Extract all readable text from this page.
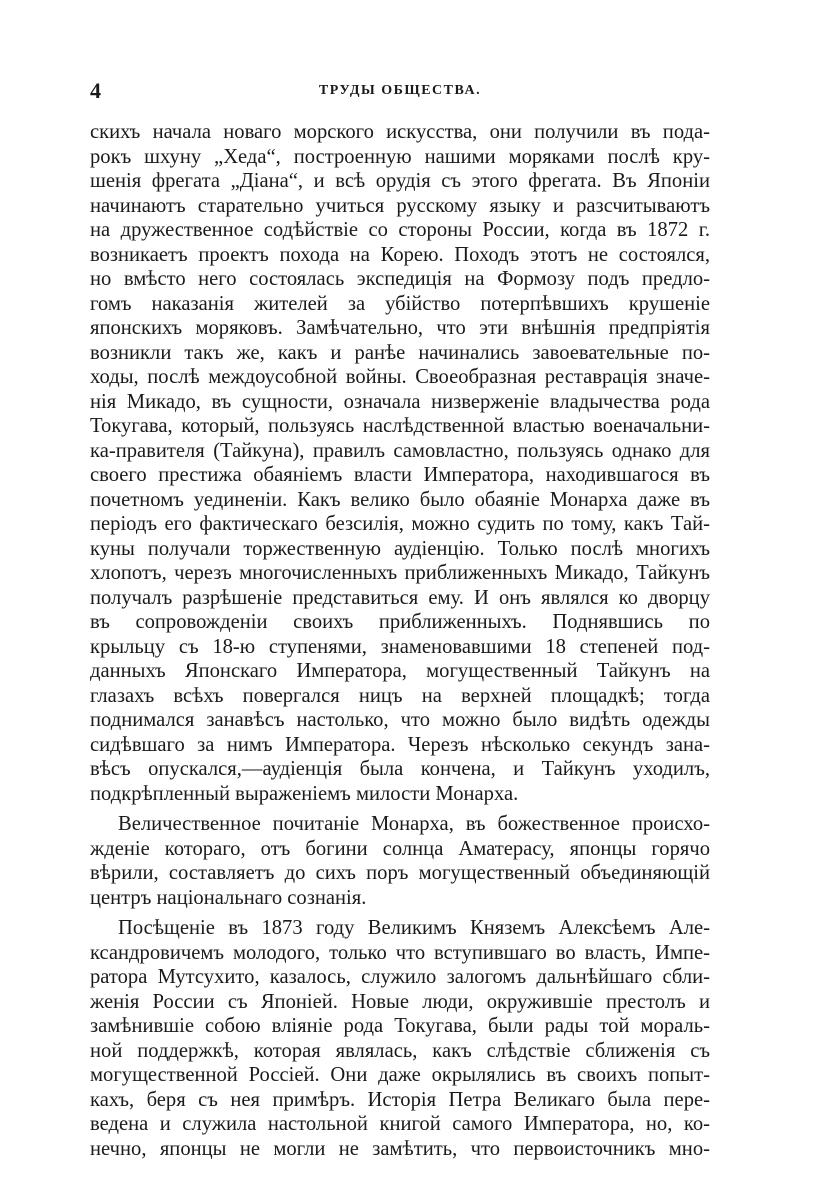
4	ТРУДЫ ОБЩЕСТВА.
скихъ начала новаго морского искусства, они получили въ пода-
рокъ шхуну „Хеда“, построенную нашими моряками послѣ кру-
шенія фрегата „Діана“, и всѣ орудія съ этого фрегата. Въ Японіи
начинаютъ старательно учиться русскому языку и разсчитываютъ
на дружественное содѣйствіе со стороны России, когда въ 1872 г.
возникаетъ проектъ похода на Корею. Походъ этотъ не состоялся,
но вмѣсто него состоялась экспедиція на Формозу подъ предло-
гомъ наказанія жителей за убійство потерпѣвшихъ крушеніе
японскихъ моряковъ. Замѣчательно, что эти внѣшнія предпріятія
возникли такъ же, какъ и ранѣе начинались завоевательные по-
ходы, послѣ междоусобной войны. Своеобразная реставрація значе-
нія Микадо, въ сущности, означала низверженіе владычества рода
Токугава, который, пользуясь наслѣдственной властью военачальни-
ка-правителя (Тайкуна), правилъ самовластно, пользуясь однако для
своего престижа обаяніемъ власти Императора, находившагося въ
почетномъ уединеніи. Какъ велико было обаяніе Монарха даже въ
періодъ его фактическаго безсилія, можно судить по тому, какъ Тай-
куны получали торжественную аудіенцію. Только послѣ многихъ
хлопотъ, черезъ многочисленныхъ приближенныхъ Микадо, Тайкунъ
получалъ разрѣшеніе представиться ему. И онъ являлся ко дворцу
въ сопровожденіи своихъ приближенныхъ. Поднявшись по
крыльцу съ 18-ю ступенями, знаменовавшими 18 степеней под-
данныхъ Японскаго Императора, могущественный Тайкунъ на
глазахъ всѣхъ повергался ницъ на верхней площадкѣ; тогда
поднимался занавѣсъ настолько, что можно было видѣть одежды
сидѣвшаго за нимъ Императора. Черезъ нѣсколько секундъ зана-
вѣсъ опускался,—аудіенція была кончена, и Тайкунъ уходилъ,
подкрѣпленный выраженіемъ милости Монарха.
Величественное почитаніе Монарха, въ божественное происхо-
жденіе котораго, отъ богини солнца Аматерасу, японцы горячо
вѣрили, составляетъ до сихъ поръ могущественный объединяющій
центръ національнаго сознанія.
Посѣщеніе въ 1873 году Великимъ Княземъ Алексѣемъ Але-
ксандровичемъ молодого, только что вступившаго во власть, Импе-
ратора Мутсухито, казалось, служило залогомъ дальнѣйшаго сбли-
женія России съ Японіей. Новые люди, окружившіе престолъ и
замѣнившіе собою вліяніе рода Токугава, были рады той мораль-
ной поддержкѣ, которая являлась, какъ слѣдствіе сближенія съ
могущественной Россіей. Они даже окрылялись въ своихъ попыт-
кахъ, беря съ нея примѣръ. Исторія Петра Великаго была пере-
ведена и служила настольной книгой самого Императора, но, ко-
нечно, японцы не могли не замѣтить, что первоисточникъ мно-
